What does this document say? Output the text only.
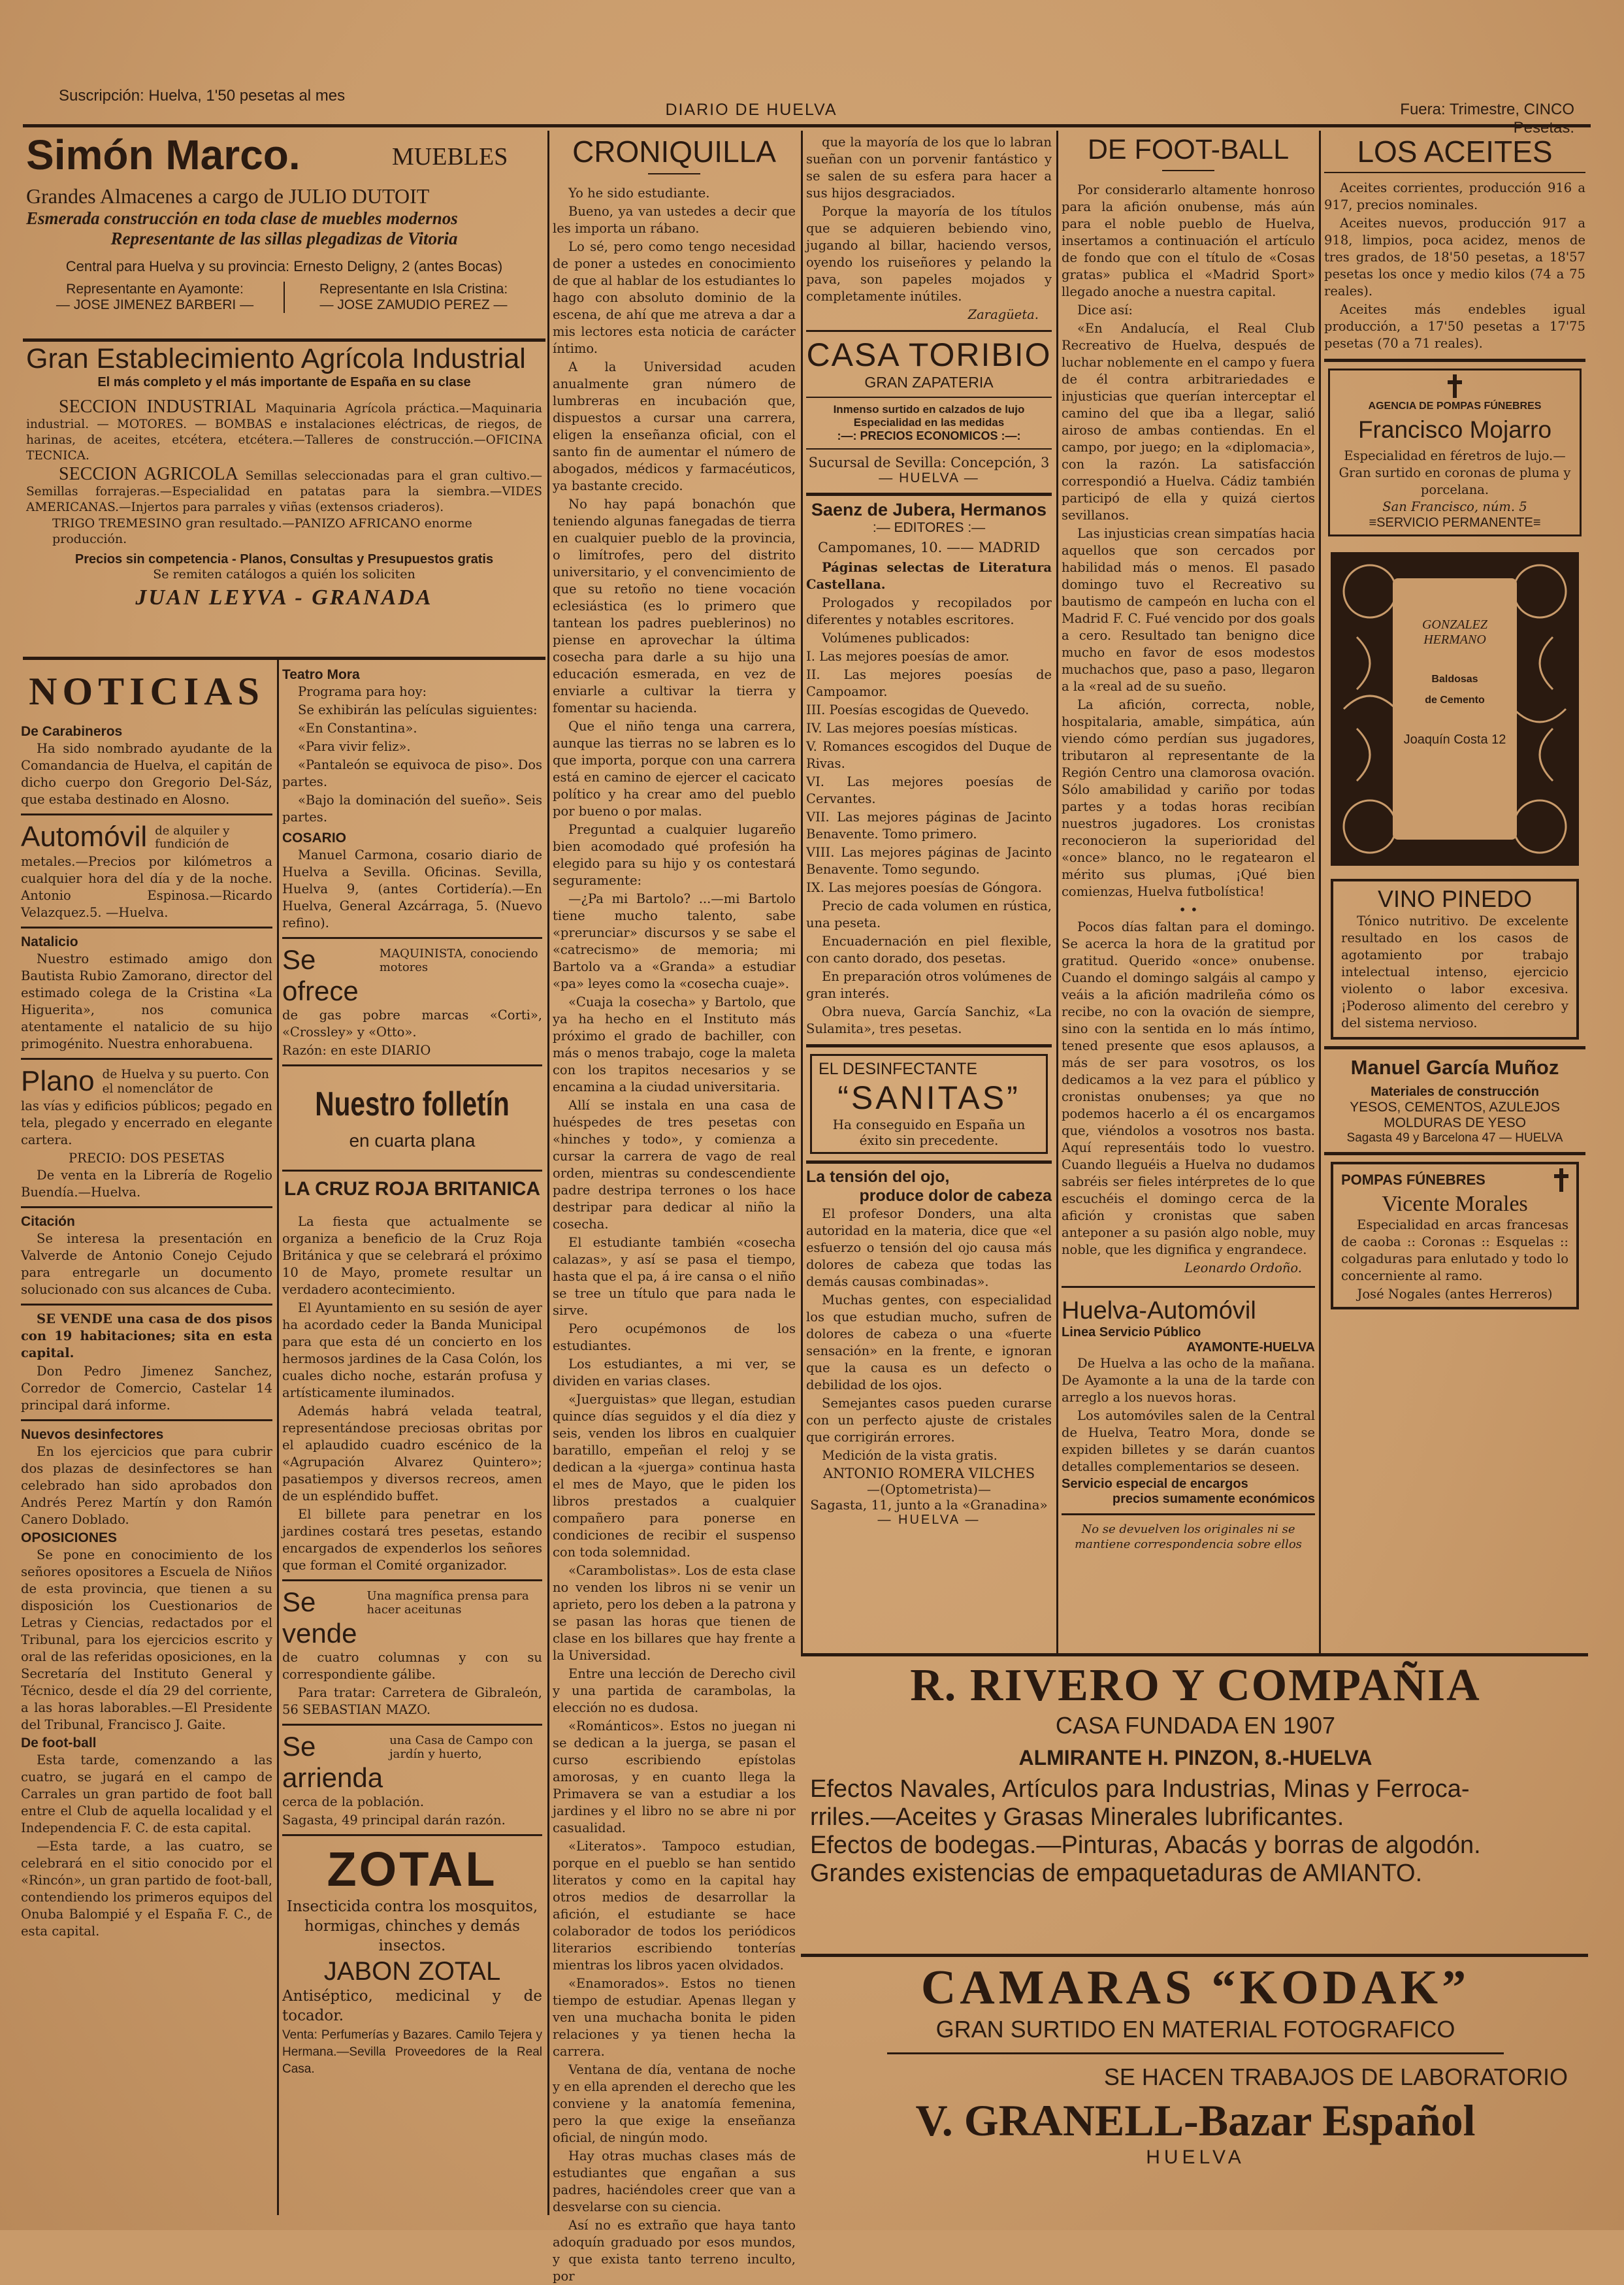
Suscripción: Huelva, 1'50 pesetas al mes
DIARIO DE HUELVA	Fuera: Trimestre, CINCO Pesetas.
Simón Marco.	MUEBLES
Grandes Almacenes a cargo de JULIO DUTOIT
Esmerada construcción en toda clase de muebles modernos
Representante de las sillas plegadizas de Vitoria
Central para Huelva y su provincia: Ernesto Deligny, 2 (antes Bocas)
Representante en Ayamonte:
— JOSE JIMENEZ BARBERI —
Representante en Isla Cristina:
— JOSE ZAMUDIO PEREZ —
Gran Establecimiento Agrícola Industrial
El más completo y el más importante de España en su clase
SECCION INDUSTRIAL Maquinaria Agrícola práctica.—Maquinaria industrial. — MOTORES. — BOMBAS e instalaciones eléctricas, de riegos, de harinas, de aceites, etcétera, etcétera.—Talleres de construcción.—OFICINA TECNICA.
SECCION AGRICOLA Semillas seleccionadas para el gran cultivo.—Semillas forrajeras.—Especialidad en patatas para la siembra.—VIDES AMERICANAS.—Injertos para parrales y viñas (extensos criaderos).
TRIGO TREMESINO gran resultado.—PANIZO AFRICANO enorme producción.
Precios sin competencia - Planos, Consultas y Presupuestos gratis
Se remiten catálogos a quién los soliciten
JUAN LEYVA - GRANADA
NOTICIAS
De Carabineros

Ha sido nombrado ayudante de la Comandancia de Huelva, el capitán de dicho cuerpo don Gregorio Del-Sáz, que estaba destinado en Alosno.

Automóvil de alquiler y fundición de

metales.—Precios por kilómetros a cualquier hora del día y de la noche. Antonio Espinosa.—Ricardo Velazquez.5. —Huelva.

Natalicio

Nuestro estimado amigo don Bautista Rubio Zamorano, director del estimado colega de la Cristina «La Higuerita», nos comunica atentamente el natalicio de su hijo primogénito. Nuestra enhorabuena.

Plano de Huelva y su puerto. Con el nomenclátor de

las vías y edificios públicos; pegado en tela, plegado y encerrado en elegante cartera.

PRECIO: DOS PESETAS

De venta en la Librería de Rogelio Buendía.—Huelva.

Citación

Se interesa la presentación en Valverde de Antonio Conejo Cejudo para entregarle un documento solucionado con sus alcances de Cuba.

SE VENDE una casa de dos pisos con 19 habitaciones; sita en esta capital.

Don Pedro Jimenez Sanchez, Corredor de Comercio, Castelar 14 principal dará informe.

Nuevos desinfectores

En los ejercicios que para cubrir dos plazas de desinfectores se han celebrado han sido aprobados don Andrés Perez Martín y don Ramón Canero Doblado.

OPOSICIONES

Se pone en conocimiento de los señores opositores a Escuela de Niños de esta provincia, que tienen a su disposición los Cuestionarios de Letras y Ciencias, redactados por el Tribunal, para los ejercicios escrito y oral de las referidas oposiciones, en la Secretaría del Instituto General y Técnico, desde el día 29 del corriente, a las horas laborables.—El Presidente del Tribunal, Francisco J. Gaite.

De foot-ball

Esta tarde, comenzando a las cuatro, se jugará en el campo de Carrales un gran partido de foot ball entre el Club de aquella localidad y el Independencia F. C. de esta capital.

—Esta tarde, a las cuatro, se celebrará en el sitio conocido por el «Rincón», un gran partido de foot-ball, contendiendo los primeros equipos del Onuba Balompié y el España F. C., de esta capital.

Teatro Mora

Programa para hoy:

Se exhibirán las películas siguientes:

«En Constantina».

«Para vivir feliz».

«Pantaleón se equivoca de piso». Dos partes.

«Bajo la dominación del sueño». Seis partes.

COSARIO

Manuel Carmona, cosario diario de Huelva a Sevilla. Oficinas. Sevilla, Huelva 9, (antes Cortidería).—En Huelva, General Azcárraga, 5. (Nuevo refino).

Se ofrece
MAQUINISTA, conociendo motores

de gas pobre marcas «Corti», «Crossley» y «Otto».

Razón: en este DIARIO

Nuestro folletín
en cuarta plana
LA CRUZ ROJA BRITANICA

La fiesta que actualmente se organiza a beneficio de la Cruz Roja Británica y que se celebrará el próximo 10 de Mayo, promete resultar un verdadero acontecimiento.

El Ayuntamiento en su sesión de ayer ha acordado ceder la Banda Municipal para que esta dé un concierto en los hermosos jardines de la Casa Colón, los cuales dicho noche, estarán profusa y artísticamente iluminados.

Además habrá velada teatral, representándose preciosas obritas por el aplaudido cuadro escénico de la «Agrupación Alvarez Quintero»; pasatiempos y diversos recreos, amen de un espléndido buffet.

El billete para penetrar en los jardines costará tres pesetas, estando encargados de expenderlos los señores que forman el Comité organizador.

Se vende
Una magnífica prensa para hacer aceitunas

de cuatro columnas y con su correspondiente gálibe.

Para tratar: Carretera de Gibraleón, 56 SEBASTIAN MAZO.

Se arrienda
una Casa de Campo con jardín y huerto,

cerca de la población.

Sagasta, 49 principal darán razón.

ZOTAL

Insecticida contra los mosquitos, hormigas, chinches y demás insectos.

JABON ZOTAL

Antiséptico, medicinal y de tocador.

Venta: Perfumerías y Bazares. Camilo Tejera y Hermana.—Sevilla Proveedores de la Real Casa.

CRONIQUILLA

Yo he sido estudiante.

Bueno, ya van ustedes a decir que les importa un rábano.

Lo sé, pero como tengo necesidad de poner a ustedes en conocimiento de que al hablar de los estudiantes lo hago con absoluto dominio de la escena, de ahí que me atreva a dar a mis lectores esta noticia de carácter íntimo.

A la Universidad acuden anualmente gran número de lumbreras en incubación que, dispuestos a cursar una carrera, eligen la enseñanza oficial, con el santo fin de aumentar el número de abogados, médicos y farmacéuticos, ya bastante crecido.

No hay papá bonachón que teniendo algunas fanegadas de tierra en cualquier pueblo de la provincia, o limítrofes, pero del distrito universitario, y el convencimiento de que su retoño no tiene vocación eclesiástica (es lo primero que tantean los padres pueblerinos) no piense en aprovechar la última cosecha para darle a su hijo una educación esmerada, en vez de enviarle a cultivar la tierra y fomentar su hacienda.

Que el niño tenga una carrera, aunque las tierras no se labren es lo que importa, porque con una carrera está en camino de ejercer el cacicato político y ha crear amo del pueblo por bueno o por malas.

Preguntad a cualquier lugareño bien acomodado qué profesión ha elegido para su hijo y os contestará seguramente:

—¿Pa mi Bartolo? ...—mi Bartolo tiene mucho talento, sabe «prerunciar» discursos y se sabe el «catrecismo» de memoria; mi Bartolo va a «Granda» a estudiar «pa» leyes como la «cosecha cuaje».

«Cuaja la cosecha» y Bartolo, que ya ha hecho en el Instituto más próximo el grado de bachiller, con más o menos trabajo, coge la maleta con los trapitos necesarios y se encamina a la ciudad universitaria.

Allí se instala en una casa de huéspedes de tres pesetas con «hinches y todo», y comienza a cursar la carrera de vago de real orden, mientras su condescendiente padre destripa terrones o los hace destripar para dedicar al niño la cosecha.

El estudiante también «cosecha calazas», y así se pasa el tiempo, hasta que el pa, á ire cansa o el niño se tree un título que para nada le sirve.

Pero ocupémonos de los estudiantes.

Los estudiantes, a mi ver, se dividen en varias clases.

«Juerguistas» que llegan, estudian quince días seguidos y el día diez y seis, venden los libros en cualquier baratillo, empeñan el reloj y se dedican a la «juerga» continua hasta el mes de Mayo, que le piden los libros prestados a cualquier compañero para ponerse en condiciones de recibir el suspenso con toda solemnidad.

«Carambolistas». Los de esta clase no venden los libros ni se venir un aprieto, pero los deben a la patrona y se pasan las horas que tienen de clase en los billares que hay frente a la Universidad.

Entre una lección de Derecho civil y una partida de carambolas, la elección no es dudosa.

«Románticos». Estos no juegan ni se dedican a la juerga, se pasan el curso escribiendo epístolas amorosas, y en cuanto llega la Primavera se van a estudiar a los jardines y el libro no se abre ni por casualidad.

«Literatos». Tampoco estudian, porque en el pueblo se han sentido literatos y como en la capital hay otros medios de desarrollar la afición, el estudiante se hace colaborador de todos los periódicos literarios escribiendo tonterías mientras los libros yacen olvidados.

«Enamorados». Estos no tienen tiempo de estudiar. Apenas llegan y ven una muchacha bonita le piden relaciones y ya tienen hecha la carrera.

Ventana de día, ventana de noche y en ella aprenden el derecho que les conviene y la anatomía femenina, pero la que exige la enseñanza oficial, de ningún modo.

Hay otras muchas clases más de estudiantes que engañan a sus padres, haciéndoles creer que van a desvelarse con su ciencia.

Así no es extraño que haya tanto adoquín graduado por esos mundos, y que exista tanto terreno inculto, por

que la mayoría de los que lo labran sueñan con un porvenir fantástico y se salen de su esfera para hacer a sus hijos desgraciados.

Porque la mayoría de los títulos que se adquieren bebiendo vino, jugando al billar, haciendo versos, oyendo los ruiseñores y pelando la pava, son papeles mojados y completamente inútiles.

Zaragüeta.
CASA TORIBIO
GRAN ZAPATERIA
Inmenso surtido en calzados de lujo
Especialidad en las medidas
:—: PRECIOS ECONOMICOS :—:
Sucursal de Sevilla: Concepción, 3
— HUELVA —
Saenz de Jubera, Hermanos
:— EDITORES :—
Campomanes, 10. —— MADRID

Páginas selectas de Literatura Castellana.

Prologados y recopilados por diferentes y notables escritores.

Volúmenes publicados:

I. Las mejores poesías de amor.

II. Las mejores poesías de Campoamor.

III. Poesías escogidas de Quevedo.

IV. Las mejores poesías místicas.

V. Romances escogidos del Duque de Rivas.

VI. Las mejores poesías de Cervantes.

VII. Las mejores páginas de Jacinto Benavente. Tomo primero.

VIII. Las mejores páginas de Jacinto Benavente. Tomo segundo.

IX. Las mejores poesías de Góngora.

Precio de cada volumen en rústica, una peseta.

Encuadernación en piel flexible, con canto dorado, dos pesetas.

En preparación otros volúmenes de gran interés.

Obra nueva, García Sanchiz, «La Sulamita», tres pesetas.

EL DESINFECTANTE
“SANITAS”
Ha conseguido en España un éxito sin precedente.
La tensión del ojo,
produce dolor de cabeza

El profesor Donders, una alta autoridad en la materia, dice que «el esfuerzo o tensión del ojo causa más dolores de cabeza que todas las demás causas combinadas».

Muchas gentes, con especialidad los que estudian mucho, sufren de dolores de cabeza o una «fuerte sensación» en la frente, e ignoran que la causa es un defecto o debilidad de los ojos.

Semejantes casos pueden curarse con un perfecto ajuste de cristales que corrigirán errores.

Medición de la vista gratis.

ANTONIO ROMERA VILCHES
—(Optometrista)—
Sagasta, 11, junto a la «Granadina»
— HUELVA —
DE FOOT-BALL

Por considerarlo altamente honroso para la afición onubense, más aún para el noble pueblo de Huelva, insertamos a continuación el artículo de fondo que con el título de «Cosas gratas» publica el «Madrid Sport» llegado anoche a nuestra capital.

Dice así:

«En Andalucía, el Real Club Recreativo de Huelva, después de luchar noblemente en el campo y fuera de él contra arbitrariedades e injusticias que querían interceptar el camino del que iba a llegar, salió airoso de ambas contiendas. En el campo, por juego; en la «diplomacia», con la razón. La satisfacción correspondió a Huelva. Cádiz también participó de ella y quizá ciertos sevillanos.

Las injusticias crean simpatías hacia aquellos que son cercados por habilidad más o menos. El pasado domingo tuvo el Recreativo su bautismo de campeón en lucha con el Madrid F. C. Fué vencido por dos goals a cero. Resultado tan benigno dice mucho en favor de esos modestos muchachos que, paso a paso, llegaron a la «real ad de su sueño.

La afición, correcta, noble, hospitalaria, amable, simpática, aún viendo cómo perdían sus jugadores, tributaron al representante de la Región Centro una clamorosa ovación. Sólo amabilidad y cariño por todas partes y a todas horas recibían nuestros jugadores. Los cronistas reconocieron la superioridad del «once» blanco, no le regatearon el mérito sus plumas, ¡Qué bien comienzas, Huelva futbolística!

• •

Pocos días faltan para el domingo. Se acerca la hora de la gratitud por gratitud. Querido «once» onubense. Cuando el domingo salgáis al campo y veáis a la afición madrileña cómo os recibe, no con la ovación de siempre, sino con la sentida en lo más íntimo, tened presente que esos aplausos, a más de ser para vosotros, os los dedicamos a la vez para el público y cronistas onubenses; ya que no podemos hacerlo a él os encargamos que, viéndolos a vosotros nos basta. Aquí representáis todo lo vuestro. Cuando lleguéis a Huelva no dudamos sabréis ser fieles intérpretes de lo que escuchéis el domingo cerca de la afición y cronistas que saben anteponer a su pasión algo noble, muy noble, que les dignifica y engrandece.

Leonardo Ordoño.
Huelva-Automóvil
Linea Servicio Público
AYAMONTE-HUELVA

De Huelva a las ocho de la mañana. De Ayamonte a la una de la tarde con arreglo a los nuevos horas.

Los automóviles salen de la Central de Huelva, Teatro Mora, donde se expiden billetes y se darán cuantos detalles complementarios se deseen.

Servicio especial de encargos
precios sumamente económicos
No se devuelven los originales ni se mantiene correspondencia sobre ellos
LOS ACEITES

Aceites corrientes, producción 916 a 917, precios nominales.

Aceites nuevos, producción 917 a 918, limpios, poca acidez, menos de tres grados, de 18'50 pesetas, a 18'57 pesetas los once y medio kilos (74 a 75 reales).

Aceites más endebles igual producción, a 17'50 pesetas a 17'75 pesetas (70 a 71 reales).

AGENCIA DE POMPAS FÚNEBRES
Francisco Mojarro
Especialidad en féretros de lujo.—Gran surtido en coronas de pluma y porcelana.
San Francisco, núm. 5
≡SERVICIO PERMANENTE≡
GONZALEZ HERMANO
Baldosas
de Cemento
Joaquín Costa 12
VINO PINEDO

Tónico nutritivo. De excelente resultado en los casos de agotamiento por trabajo intelectual intenso, ejercicio violento o labor excesiva. ¡Poderoso alimento del cerebro y del sistema nervioso.

Manuel García Muñoz
Materiales de construcción
YESOS, CEMENTOS, AZULEJOS
MOLDURAS DE YESO
Sagasta 49 y Barcelona 47 — HUELVA
POMPAS FÚNEBRES
Vicente Morales

Especialidad en arcas francesas de caoba :: Coronas :: Esquelas :: colgaduras para enlutado y todo lo concerniente al ramo.

José Nogales (antes Herreros)
R. RIVERO Y COMPAÑIA
CASA FUNDADA EN 1907
ALMIRANTE H. PINZON, 8.-HUELVA
Efectos Navales, Artículos para Industrias, Minas y Ferroca-
rriles.—Aceites y Grasas Minerales lubrificantes.
Efectos de bodegas.—Pinturas, Abacás y borras de algodón.
Grandes existencias de empaquetaduras de AMIANTO.
CAMARAS “KODAK”
GRAN SURTIDO EN MATERIAL FOTOGRAFICO
SE HACEN TRABAJOS DE LABORATORIO
V. GRANELL-Bazar Español
HUELVA
